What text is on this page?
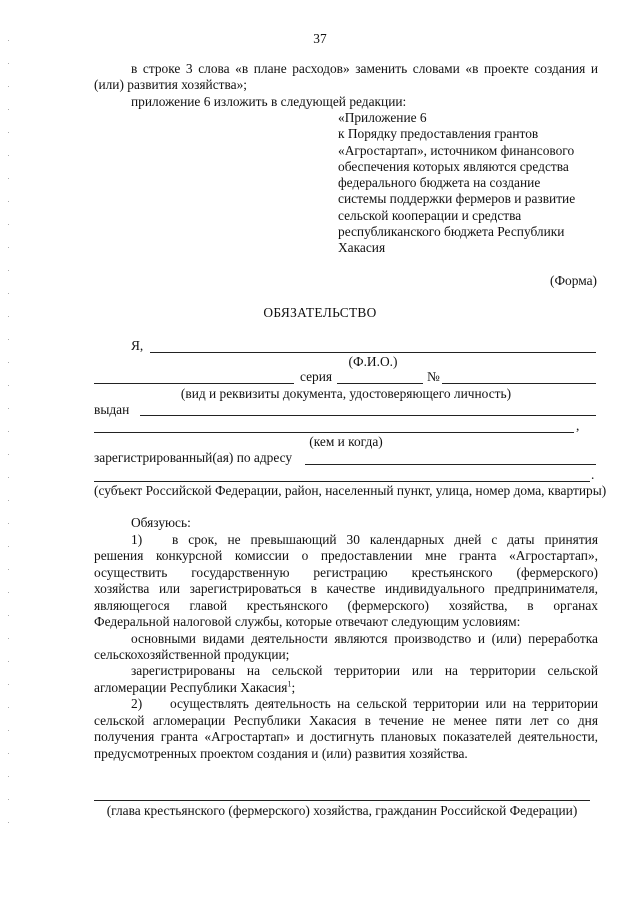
37
в строке 3 слова «в плане расходов» заменить словами «в проекте создания и
(или) развития хозяйства»;
приложение 6 изложить в следующей редакции:
«Приложение 6
к Порядку предоставления грантов
«Агростартап», источником финансового
обеспечения которых являются средства
федерального бюджета на создание
системы поддержки фермеров и развитие
сельской кооперации и средства
республиканского бюджета Республики
Хакасия
(Форма)
ОБЯЗАТЕЛЬСТВО
Я,
(Ф.И.О.)
серия	№
(вид и реквизиты документа, удостоверяющего личность)
выдан
,
(кем и когда)
зарегистрированный(ая) по адресу
.
(субъект Российской Федерации, район, населенный пункт, улица, номер дома, квартиры)
Обязуюсь:
1) в срок, не превышающий 30 календарных дней с даты принятия
решения конкурсной комиссии о предоставлении мне гранта «Агростартап»,
осуществить государственную регистрацию крестьянского (фермерского)
хозяйства или зарегистрироваться в качестве индивидуального предпринимателя,
являющегося главой крестьянского (фермерского) хозяйства, в органах
Федеральной налоговой службы, которые отвечают следующим условиям:
основными видами деятельности являются производство и (или) переработка
сельскохозяйственной продукции;
зарегистрированы на сельской территории или на территории сельской
агломерации Республики Хакасия$^1$;
2) осуществлять деятельность на сельской территории или на территории
сельской агломерации Республики Хакасия в течение не менее пяти лет со дня
получения гранта «Агростартап» и достигнуть плановых показателей деятельности,
предусмотренных проектом создания и (или) развития хозяйства.
(глава крестьянского (фермерского) хозяйства, гражданин Российской Федерации)
